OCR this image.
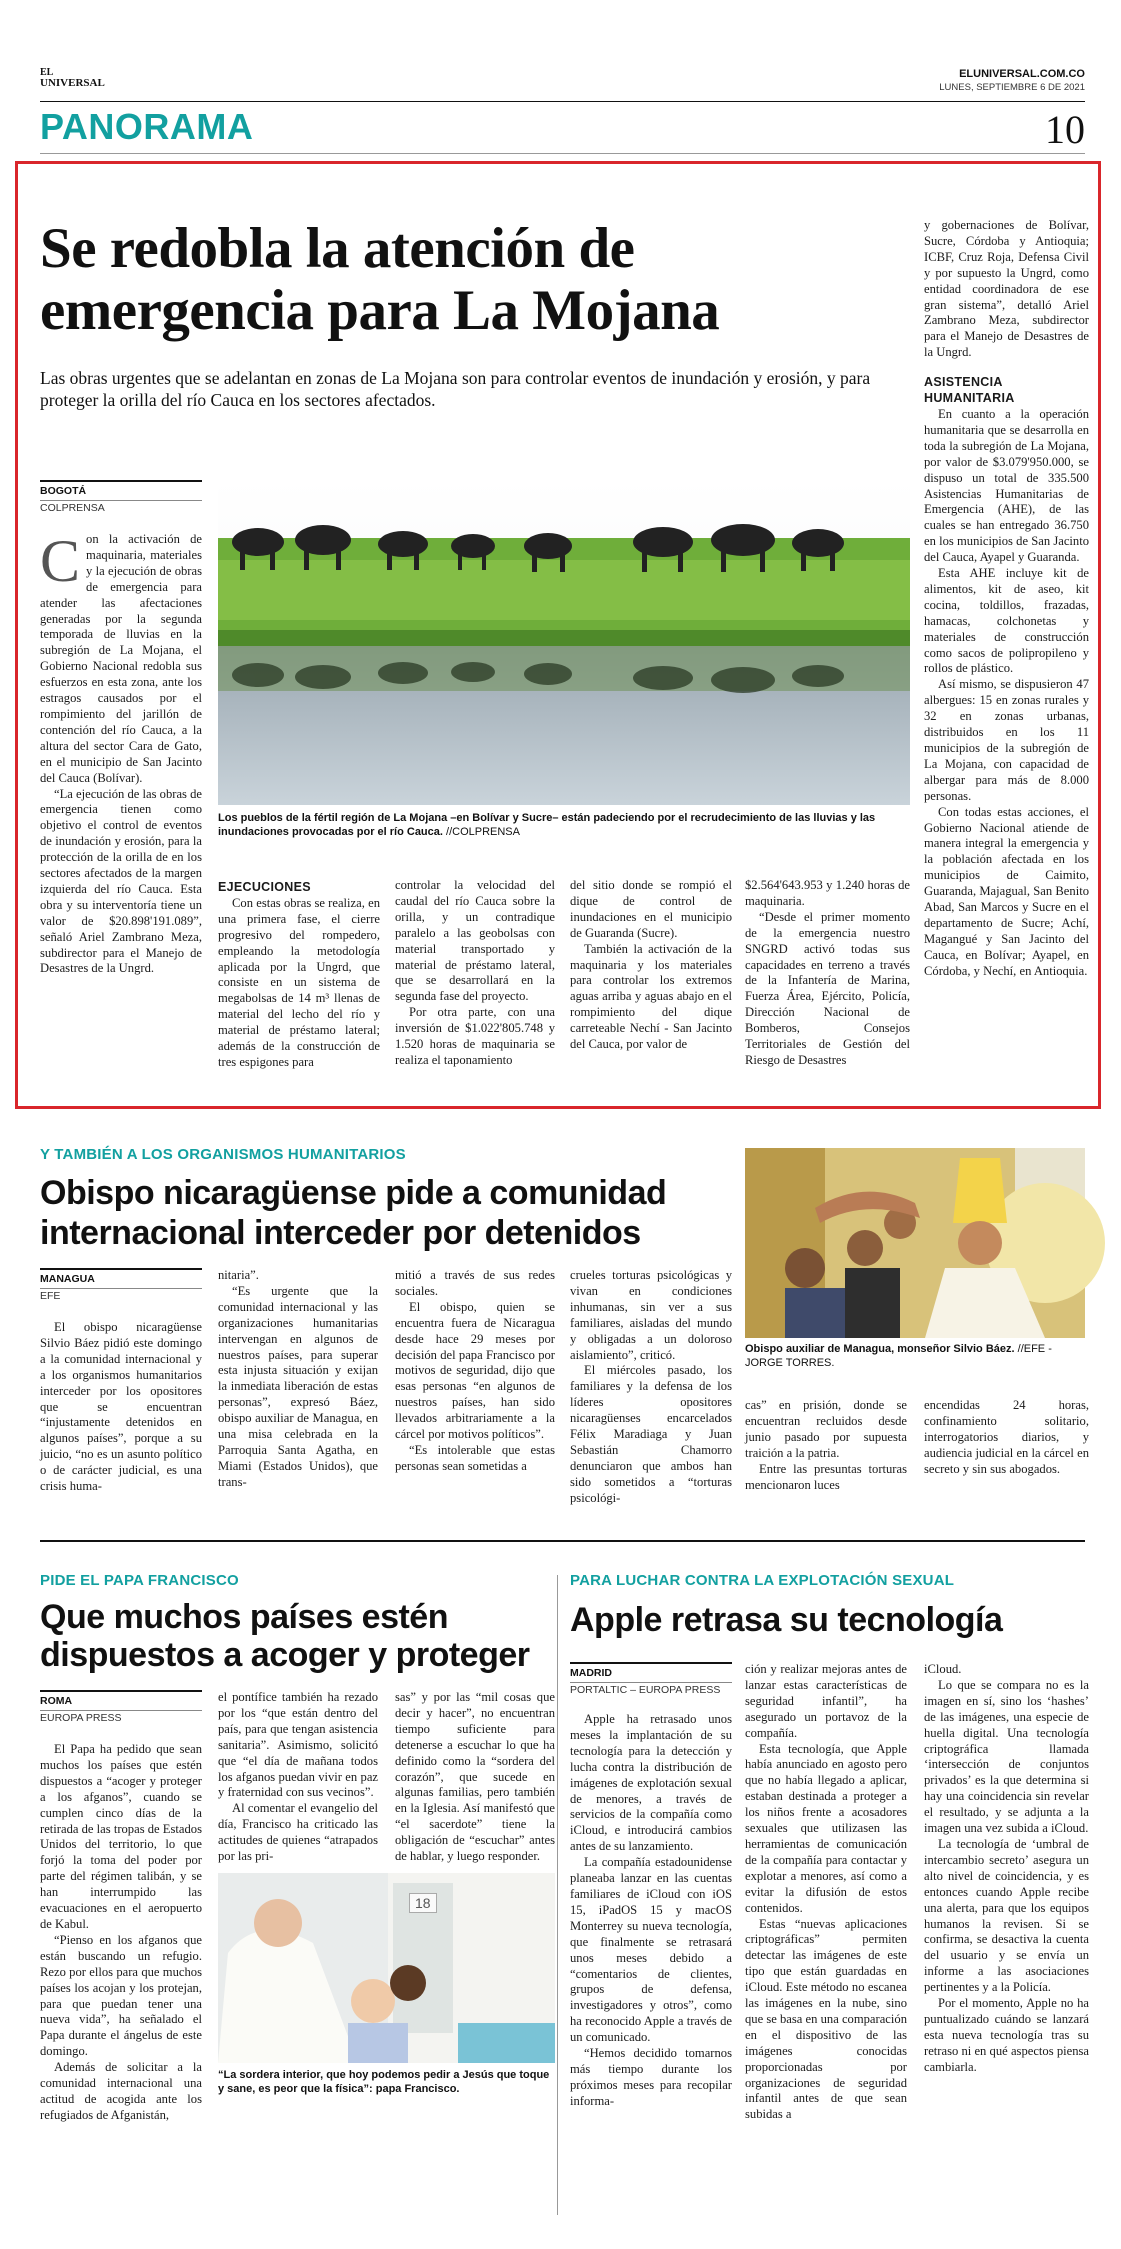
EL
UNIVERSAL
ELUNIVERSAL.COM.CO
LUNES, SEPTIEMBRE 6 DE 2021
PANORAMA	10
Se redobla la atención de
emergencia para La Mojana
Las obras urgentes que se adelantan en zonas de La Mojana son para controlar eventos de inundación y erosión, y para proteger la orilla del río Cauca en los sectores afectados.
BOGOTÁ
COLPRENSA

Con la activación de maquinaria, materiales y la ejecución de obras de emergencia para atender las afectaciones generadas por la segunda temporada de lluvias en la subregión de La Mojana, el Gobierno Nacional redobla sus esfuerzos en esta zona, ante los estragos causados por el rompimiento del jarillón de contención del río Cauca, a la altura del sector Cara de Gato, en el municipio de San Jacinto del Cauca (Bolívar).

“La ejecución de las obras de emergencia tienen como objetivo el control de eventos de inundación y erosión, para la protección de la orilla de en los sectores afectados de la margen izquierda del río Cauca. Esta obra y su interventoría tiene un valor de $20.898'191.089”, señaló Ariel Zambrano Meza, subdirector para el Manejo de Desastres de la Ungrd.

Los pueblos de la fértil región de La Mojana –en Bolívar y Sucre– están padeciendo por el recrudecimiento de las lluvias y las inundaciones provocadas por el río Cauca. //COLPRENSA

EJECUCIONES

Con estas obras se realiza, en una primera fase, el cierre progresivo del rompedero, empleando la metodología aplicada por la Ungrd, que consiste en un sistema de megabolsas de 14 m³ llenas de material del lecho del río y material de préstamo lateral; además de la construcción de tres espigones para

controlar la velocidad del caudal del río Cauca sobre la orilla, y un contradique paralelo a las geobolsas con material transportado y material de préstamo lateral, que se desarrollará en la segunda fase del proyecto.

Por otra parte, con una inversión de $1.022'805.748 y 1.520 horas de maquinaria se realiza el taponamiento

del sitio donde se rompió el dique de control de inundaciones en el municipio de Guaranda (Sucre).

También la activación de la maquinaria y los materiales para controlar los extremos aguas arriba y aguas abajo en el rompimiento del dique carreteable Nechí - San Jacinto del Cauca, por valor de

$2.564'643.953 y 1.240 horas de maquinaria.

“Desde el primer momento de la emergencia nuestro SNGRD activó todas sus capacidades en terreno a través de la Infantería de Marina, Fuerza Área, Ejército, Policía, Dirección Nacional de Bomberos, Consejos Territoriales de Gestión del Riesgo de Desastres

y gobernaciones de Bolívar, Sucre, Córdoba y Antioquia; ICBF, Cruz Roja, Defensa Civil y por supuesto la Ungrd, como entidad coordinadora de ese gran sistema”, detalló Ariel Zambrano Meza, subdirector para el Manejo de Desastres de la Ungrd.

ASISTENCIA HUMANITARIA

En cuanto a la operación humanitaria que se desarrolla en toda la subregión de La Mojana, por valor de $3.079'950.000, se dispuso un total de 335.500 Asistencias Humanitarias de Emergencia (AHE), de las cuales se han entregado 36.750 en los municipios de San Jacinto del Cauca, Ayapel y Guaranda.

Esta AHE incluye kit de alimentos, kit de aseo, kit cocina, toldillos, frazadas, hamacas, colchonetas y materiales de construcción como sacos de polipropileno y rollos de plástico.

Así mismo, se dispusieron 47 albergues: 15 en zonas rurales y 32 en zonas urbanas, distribuidos en los 11 municipios de la subregión de La Mojana, con capacidad de albergar para más de 8.000 personas.

Con todas estas acciones, el Gobierno Nacional atiende de manera integral la emergencia y la población afectada en los municipios de Caimito, Guaranda, Majagual, San Benito Abad, San Marcos y Sucre en el departamento de Sucre; Achí, Magangué y San Jacinto del Cauca, en Bolívar; Ayapel, en Córdoba, y Nechí, en Antioquia.

Y TAMBIÉN A LOS ORGANISMOS HUMANITARIOS
Obispo nicaragüense pide a comunidad
internacional interceder por detenidos
MANAGUA
EFE

El obispo nicaragüense Silvio Báez pidió este domingo a la comunidad internacional y a los organismos humanitarios interceder por los opositores que se encuentran “injustamente detenidos en algunos países”, porque a su juicio, “no es un asunto político o de carácter judicial, es una crisis huma-

nitaria”.

“Es urgente que la comunidad internacional y las organizaciones humanitarias intervengan en algunos de nuestros países, para superar esta injusta situación y exijan la inmediata liberación de estas personas”, expresó Báez, obispo auxiliar de Managua, en una misa celebrada en la Parroquia Santa Agatha, en Miami (Estados Unidos), que trans-

mitió a través de sus redes sociales.

El obispo, quien se encuentra fuera de Nicaragua desde hace 29 meses por decisión del papa Francisco por motivos de seguridad, dijo que esas personas “en algunos de nuestros países, han sido llevados arbitrariamente a la cárcel por motivos políticos”.

“Es intolerable que estas personas sean sometidas a

crueles torturas psicológicas y vivan en condiciones inhumanas, sin ver a sus familiares, aisladas del mundo y obligadas a un doloroso aislamiento”, criticó.

El miércoles pasado, los familiares y la defensa de los líderes opositores nicaragüenses encarcelados Félix Maradiaga y Juan Sebastián Chamorro denunciaron que ambos han sido sometidos a “torturas psicológi-

cas” en prisión, donde se encuentran recluidos desde junio pasado por supuesta traición a la patria.

Entre las presuntas torturas mencionaron luces

encendidas 24 horas, confinamiento solitario, interrogatorios diarios, y audiencia judicial en la cárcel en secreto y sin sus abogados.

Obispo auxiliar de Managua, monseñor Silvio Báez. //EFE - JORGE TORRES.
PIDE EL PAPA FRANCISCO
Que muchos países estén
dispuestos a acoger y proteger
ROMA
EUROPA PRESS

El Papa ha pedido que sean muchos los países que estén dispuestos a “acoger y proteger a los afganos”, cuando se cumplen cinco días de la retirada de las tropas de Estados Unidos del territorio, lo que forjó la toma del poder por parte del régimen talibán, y se han interrumpido las evacuaciones en el aeropuerto de Kabul.

“Pienso en los afganos que están buscando un refugio. Rezo por ellos para que muchos países los acojan y los protejan, para que puedan tener una nueva vida”, ha señalado el Papa durante el ángelus de este domingo.

Además de solicitar a la comunidad internacional una actitud de acogida ante los refugiados de Afganistán,

el pontífice también ha rezado por los “que están dentro del país, para que tengan asistencia sanitaria”. Asimismo, solicitó que “el día de mañana todos los afganos puedan vivir en paz y fraternidad con sus vecinos”.

Al comentar el evangelio del día, Francisco ha criticado las actitudes de quienes “atrapados por las pri-

sas” y por las “mil cosas que decir y hacer”, no encuentran tiempo suficiente para detenerse a escuchar lo que ha definido como la “sordera del corazón”, que sucede en algunas familias, pero también en la Iglesia. Así manifestó que “el sacerdote” tiene la obligación de “escuchar” antes de hablar, y luego responder.

18
“La sordera interior, que hoy podemos pedir a Jesús que toque y sane, es peor que la física”: papa Francisco.
PARA LUCHAR CONTRA LA EXPLOTACIÓN SEXUAL
Apple retrasa su tecnología
MADRID
PORTALTIC – EUROPA PRESS

Apple ha retrasado unos meses la implantación de su tecnología para la detección y lucha contra la distribución de imágenes de explotación sexual de menores, a través de servicios de la compañía como iCloud, e introducirá cambios antes de su lanzamiento.

La compañía estadounidense planeaba lanzar en las cuentas familiares de iCloud con iOS 15, iPadOS 15 y macOS Monterrey su nueva tecnología, que finalmente se retrasará unos meses debido a “comentarios de clientes, grupos de defensa, investigadores y otros”, como ha reconocido Apple a través de un comunicado.

“Hemos decidido tomarnos más tiempo durante los próximos meses para recopilar informa-

ción y realizar mejoras antes de lanzar estas características de seguridad infantil”, ha asegurado un portavoz de la compañía.

Esta tecnología, que Apple había anunciado en agosto pero que no había llegado a aplicar, estaban destinada a proteger a los niños frente a acosadores sexuales que utilizasen las herramientas de comunicación de la compañía para contactar y explotar a menores, así como a evitar la difusión de estos contenidos.

Estas “nuevas aplicaciones criptográficas” permiten detectar las imágenes de este tipo que están guardadas en iCloud. Este método no escanea las imágenes en la nube, sino que se basa en una comparación en el dispositivo de las imágenes conocidas proporcionadas por organizaciones de seguridad infantil antes de que sean subidas a

iCloud.

Lo que se compara no es la imagen en sí, sino los ‘hashes’ de las imágenes, una especie de huella digital. Una tecnología criptográfica llamada ‘intersección de conjuntos privados’ es la que determina si hay una coincidencia sin revelar el resultado, y se adjunta a la imagen una vez subida a iCloud.

La tecnología de ‘umbral de intercambio secreto’ asegura un alto nivel de coincidencia, y es entonces cuando Apple recibe una alerta, para que los equipos humanos la revisen. Si se confirma, se desactiva la cuenta del usuario y se envía un informe a las asociaciones pertinentes y a la Policía.

Por el momento, Apple no ha puntualizado cuándo se lanzará esta nueva tecnología tras su retraso ni en qué aspectos piensa cambiarla.
